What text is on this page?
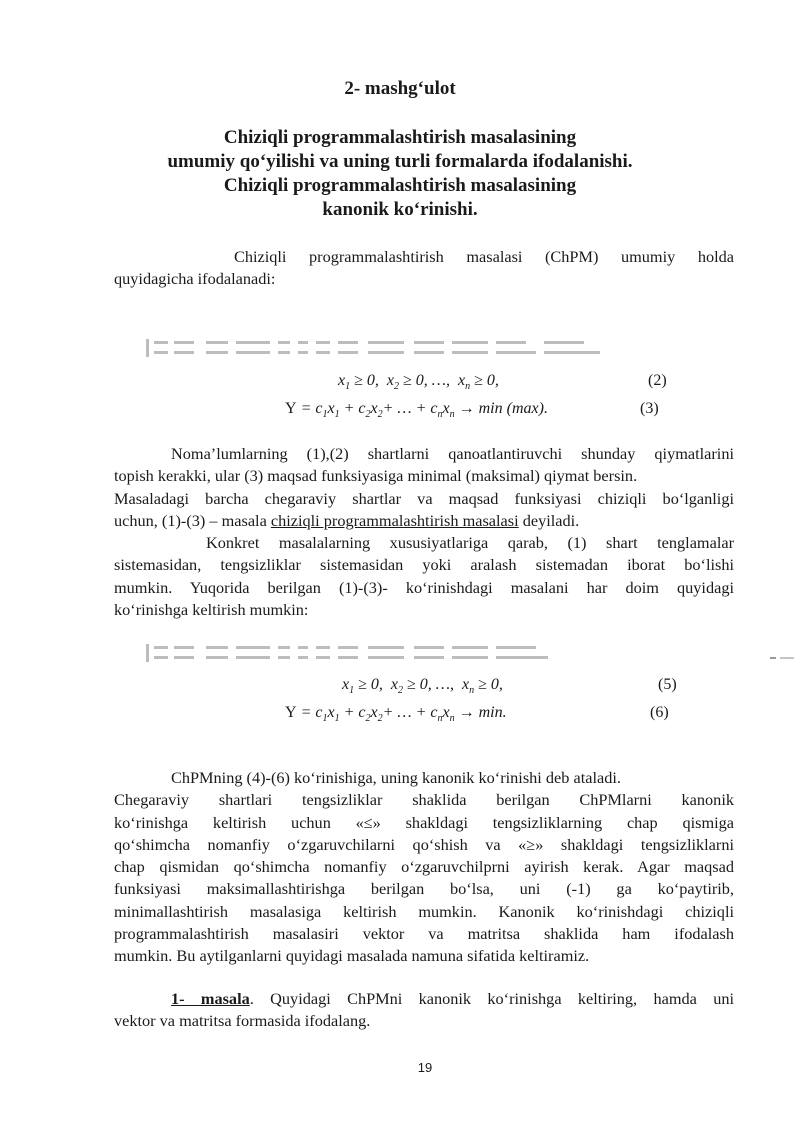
2- mashg‘ulot
Chiziqli programmalashtirish masalasining
umumiy qo‘yilishi va uning turli formalarda ifodalanishi.
Chiziqli programmalashtirish masalasining
kanonik ko‘rinishi.
Chiziqli programmalashtirish masalasi (ChPM) umumiy holda
quyidagicha ifodalanadi:
$x_1 \ge 0$,  $x_2 \ge 0$, …,  $x_n \ge 0$,	(2)
$Y = c_1x_1 + c_2x_2+$ … + $c_nx_n \to \min (\max)$.	(3)
Noma’lumlarning (1),(2) shartlarni qanoatlantiruvchi shunday qiymatlarini
topish kerakki, ular (3) maqsad funksiyasiga minimal (maksimal) qiymat bersin.
Masaladagi barcha chegaraviy shartlar va maqsad funksiyasi chiziqli bo‘lganligi
uchun, (1)-(3) – masala chiziqli programmalashtirish masalasi deyiladi.
Konkret masalalarning xususiyatlariga qarab, (1) shart tenglamalar
sistemasidan, tengsizliklar sistemasidan yoki aralash sistemadan iborat bo‘lishi
mumkin. Yuqorida berilgan (1)-(3)- ko‘rinishdagi masalani har doim quyidagi
ko‘rinishga keltirish mumkin:
$x_1 \ge 0$,  $x_2 \ge 0$, …,  $x_n \ge 0$,	(5)
$Y = c_1x_1 + c_2x_2+$ … + $c_nx_n \to \min$.	(6)
ChPMning (4)-(6) ko‘rinishiga, uning kanonik ko‘rinishi deb ataladi.
Chegaraviy shartlari tengsizliklar shaklida berilgan ChPMlarni kanonik
ko‘rinishga keltirish uchun «≤» shakldagi tengsizliklarning chap qismiga
qo‘shimcha nomanfiy o‘zgaruvchilarni qo‘shish va «≥» shakldagi tengsizliklarni
chap qismidan qo‘shimcha nomanfiy o‘zgaruvchilprni ayirish kerak. Agar maqsad
funksiyasi maksimallashtirishga berilgan bo‘lsa, uni (-1) ga ko‘paytirib,
minimallashtirish masalasiga keltirish mumkin. Kanonik ko‘rinishdagi chiziqli
programmalashtirish masalasiri vektor va matritsa shaklida ham ifodalash
mumkin. Bu aytilganlarni quyidagi masalada namuna sifatida keltiramiz.
1- masala. Quyidagi ChPMni kanonik ko‘rinishga keltiring, hamda uni
vektor va matritsa formasida ifodalang.
19
